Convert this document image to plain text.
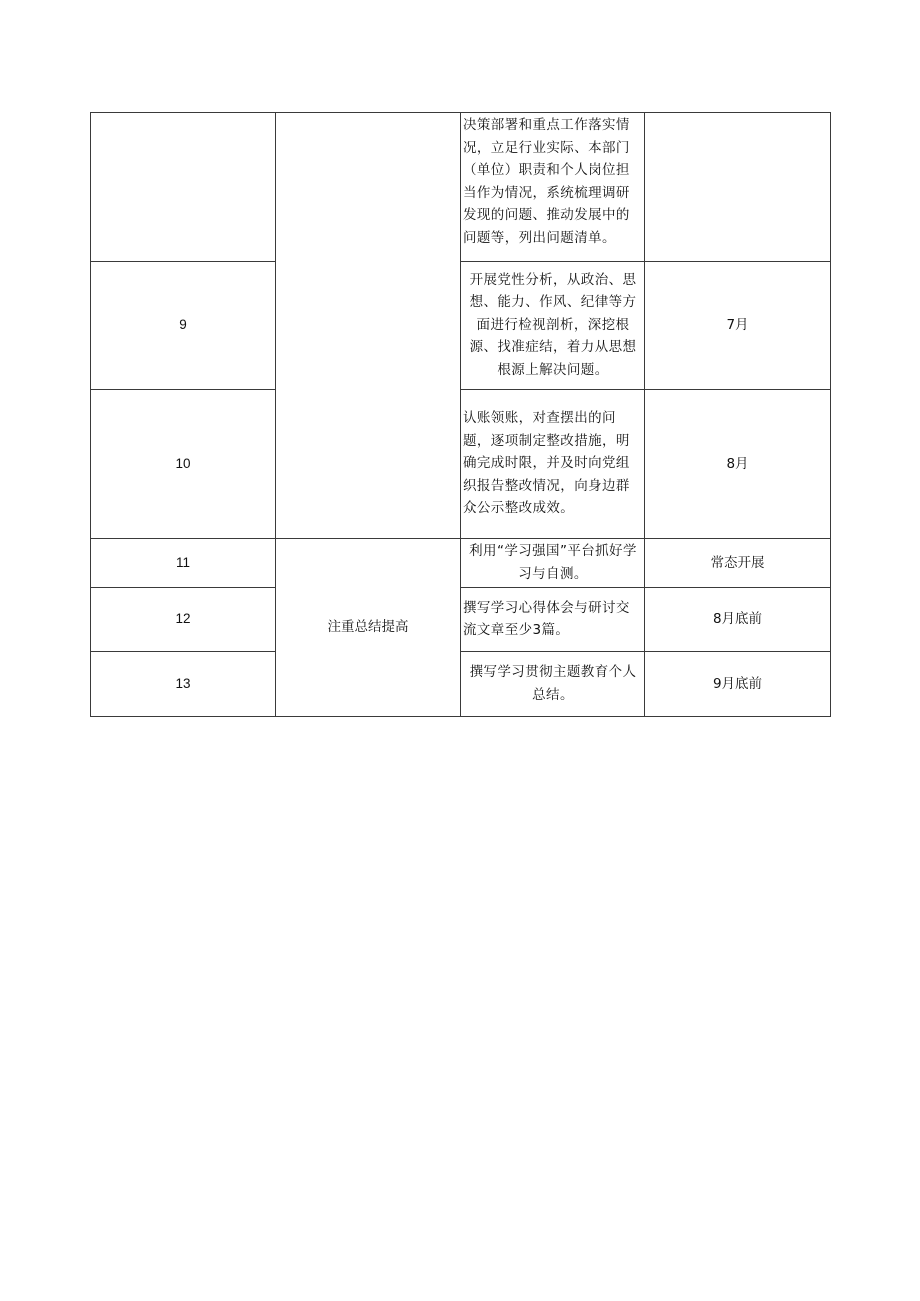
		决策部署和重点工作落实情况，立足行业实际、本部门（单位）职责和个人岗位担当作为情况，系统梳理调研发现的问题、推动发展中的问题等，列出问题清单。	

9		开展党性分析，从政治、思想、能力、作风、纪律等方面进行检视剖析，深挖根源、找准症结，着力从思想根源上解决问题。	7月
10		认账领账，对查摆出的问题，逐项制定整改措施，明确完成时限，并及时向党组织报告整改情况，向身边群众公示整改成效。	8月
11	注重总结提高	利用“学习强国”平台抓好学习与自测。	常态开展
12		撰写学习心得体会与研讨交流文章至少3篇。	8月底前
13		撰写学习贯彻主题教育个人总结。	9月底前
